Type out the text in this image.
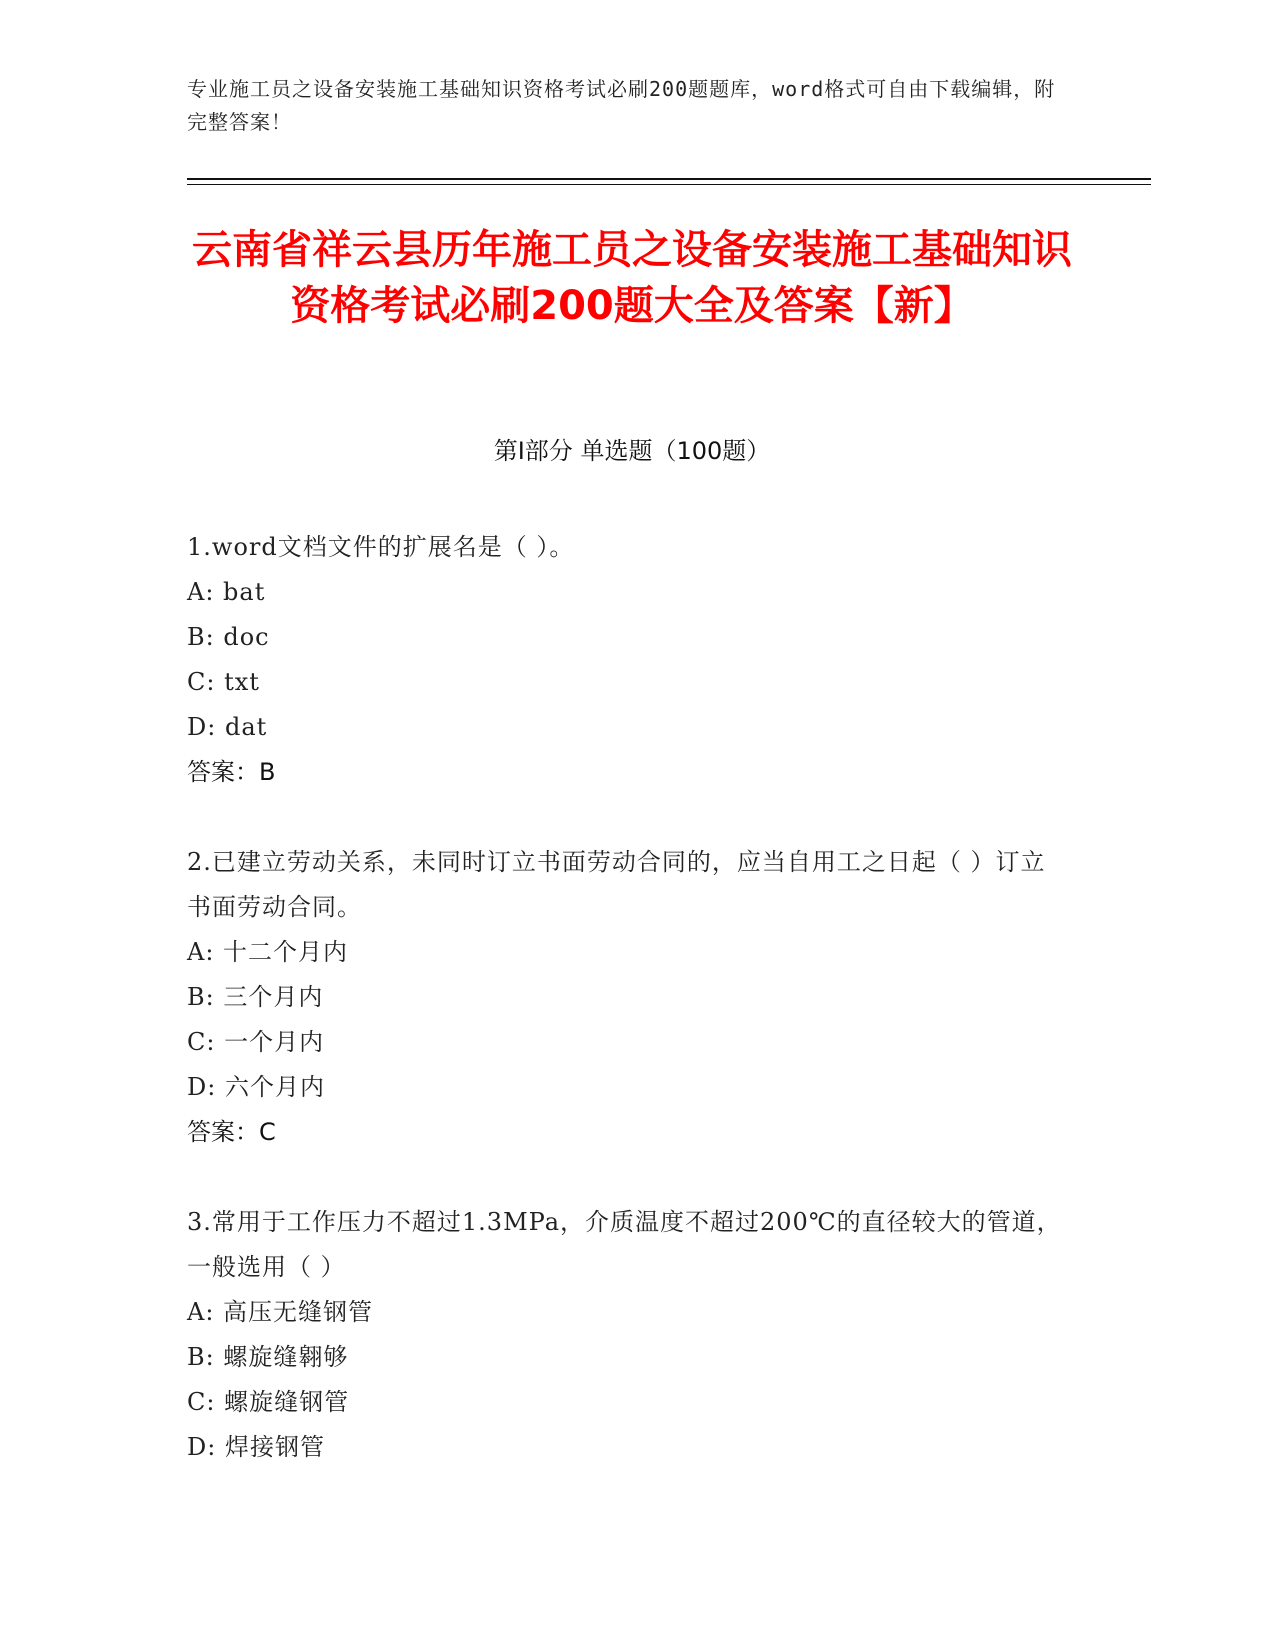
专业施工员之设备安装施工基础知识资格考试必刷200题题库，word格式可自由下载编辑，附完整答案！
云南省祥云县历年施工员之设备安装施工基础知识资格考试必刷200题大全及答案【新】
第Ⅰ部分 单选题（100题）
1.word文档文件的扩展名是（ ）。
A: bat
B: doc
C: txt
D: dat
答案：B
2.已建立劳动关系，未同时订立书面劳动合同的，应当自用工之日起（ ）订立书面劳动合同。
A: 十二个月内
B: 三个月内
C: 一个月内
D: 六个月内
答案：C
3.常用于工作压力不超过1.3MPa，介质温度不超过200℃的直径较大的管道，一般选用（ ）
A: 高压无缝钢管
B: 螺旋缝翱够
C: 螺旋缝钢管
D: 焊接钢管
